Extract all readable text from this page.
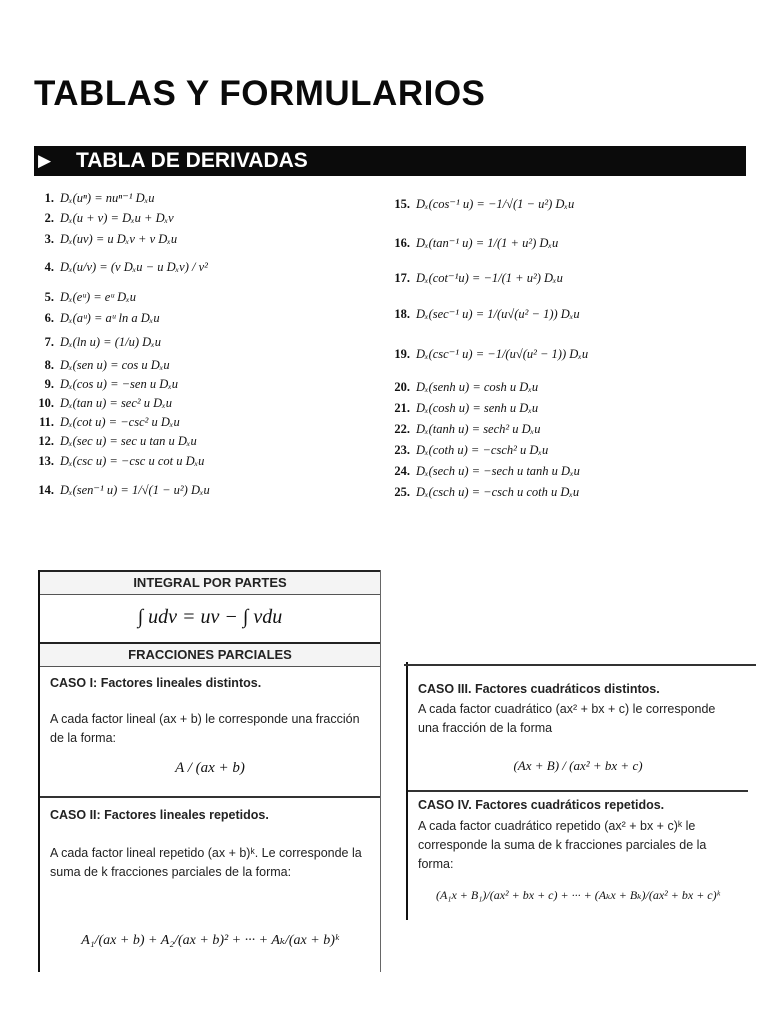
TABLAS Y FORMULARIOS
▶	TABLA DE DERIVADAS
1. Dₓ(uⁿ) = nuⁿ⁻¹ Dₓu
2. Dₓ(u + v) = Dₓu + Dₓv
3. Dₓ(uv) = u Dₓv + v Dₓu
4. Dₓ(u/v) = (v Dₓu − u Dₓv) / v²
5. Dₓ(eᵘ) = eᵘ Dₓu
6. Dₓ(aᵘ) = aᵘ ln a Dₓu
7. Dₓ(ln u) = (1/u) Dₓu
8. Dₓ(sen u) = cos u Dₓu
9. Dₓ(cos u) = −sen u Dₓu
10. Dₓ(tan u) = sec² u Dₓu
11. Dₓ(cot u) = −csc² u Dₓu
12. Dₓ(sec u) = sec u tan u Dₓu
13. Dₓ(csc u) = −csc u cot u Dₓu
14. Dₓ(sen⁻¹ u) = 1/√(1 − u²) Dₓu
15. Dₓ(cos⁻¹ u) = −1/√(1 − u²) Dₓu
16. Dₓ(tan⁻¹ u) = 1/(1 + u²) Dₓu
17. Dₓ(cot⁻¹u) = −1/(1 + u²) Dₓu
18. Dₓ(sec⁻¹ u) = 1/(u√(u² − 1)) Dₓu
19. Dₓ(csc⁻¹ u) = −1/(u√(u² − 1)) Dₓu
20. Dₓ(senh u) = cosh u Dₓu
21. Dₓ(cosh u) = senh u Dₓu
22. Dₓ(tanh u) = sech² u Dₓu
23. Dₓ(coth u) = −csch² u Dₓu
24. Dₓ(sech u) = −sech u tanh u Dₓu
25. Dₓ(csch u) = −csch u coth u Dₓu
INTEGRAL POR PARTES
∫ udv = uv − ∫ vdu
FRACCIONES PARCIALES
CASO I: Factores lineales distintos.
A cada factor lineal (ax + b) le corresponde una fracción de la forma:
A / (ax + b)
CASO II: Factores lineales repetidos.
A cada factor lineal repetido (ax + b)ᵏ. Le corresponde la suma de k fracciones parciales de la forma:
A₁/(ax + b) + A₂/(ax + b)² + ··· + Aₖ/(ax + b)ᵏ
CASO III. Factores cuadráticos distintos.
A cada factor cuadrático (ax² + bx + c) le corresponde una fracción de la forma
(Ax + B) / (ax² + bx + c)
CASO IV. Factores cuadráticos repetidos.
A cada factor cuadrático repetido (ax² + bx + c)ᵏ le corresponde la suma de k fracciones parciales de la forma:
(A₁x + B₁)/(ax² + bx + c) + ··· + (Aₖx + Bₖ)/(ax² + bx + c)ᵏ
